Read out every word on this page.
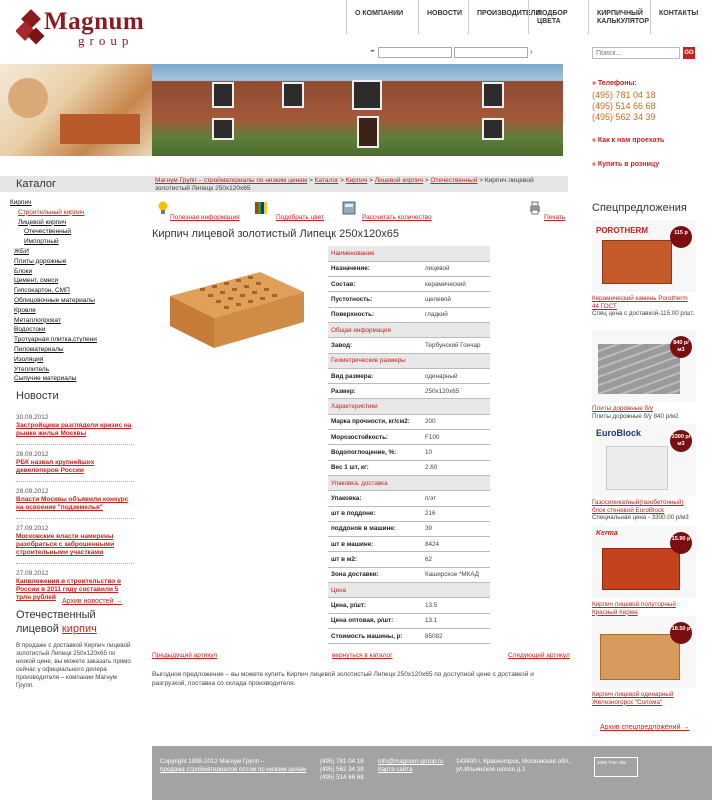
Magnum
group
О КОМПАНИИ	НОВОСТИ	ПРОИЗВОДИТЕЛИ
ПОДБОР ЦВЕТА
КИРПИЧНЫЙ КАЛЬКУЛЯТОР
КОНТАКТЫ
◂▸	›
Поиск...	GO
» Телефоны:
(495) 781 04 18
(495) 514 66 68
(495) 562 34 39
» Как к нам проехать
» Купить в розницу
Каталог
▸ Кирпич
▸ Строительный кирпич
▸ Лицевой кирпич
▸ Отечественный
▸ Импортный
▸ ЖБИ
▸ Плиты дорожные
▸ Блоки
▸ Цемент, смеси
▸ Гипсокартон, СМП
▸ Облицовочные материалы
▸ Кровля
▸ Металлопрокат
▸ Водостоки
▸ Тротуарная плитка,ступени
▸ Пиломатериалы
▸ Изоляция
▸ Утеплитель
▸ Сыпучие материалы
Новости
30.09.2012
Застройщики разглядели кризис на рынке жилья Москвы
28.09.2012
РБК назвал крупнейших девелоперов России
28.09.2012
Власти Москвы объявили конкурс на освоение "подземелья"
27.09.2012
Московские власти намерены разобраться с заброшенными строительными участками
27.09.2012
Капвложения в строительство в России в 2011 году составили 5 трлн рублей
Архив новостей →
Отечественный лицевой кирпич
В продаже с доставкой Кирпич лицевой золотистый Липецк 250х120х65 по низкой цене, вы можете заказать прямо сейчас у официального дилера производителя – компании Магнум Групп.
Магнум Групп – стройматериалы по низким ценам > Каталог > Кирпич > Лицевой кирпич > Отечественный > Кирпич лицевой золотистый Липецк 250х120х65
Полезная информация	Подобрать цвет	Рассчитать количество	Печать
Кирпич лицевой золотистый Липецк 250х120х65
Наименование	
Назначение:	лицевой
Состав:	керамический
Пустотность:	щелевой
Поверхность:	гладкий
Общая информация	
Завод:	Тербунский Гончар
Геометрические размеры	
Вид размера:	одинарный
Размер:	250х120х65
Характеристики	
Марка прочности, кг/см2:	200
Морозостойкость:	F100
Водопоглощение, %:	10
Вес 1 шт, кг:	2.60
Упаковка, доставка	
Упаковка:	п/эт
шт в поддоне:	216
поддонов в машине:	39
шт в машине:	8424
шт в м2:	62
Зона доставки:	Каширское *МКАД
Цена	
Цена, р/шт:	13.5
Цена оптовая, р/шт:	13.1
Стоимость машины, р:	85082
Предыдущий артикул	вернуться в каталог	Следующий артикул
Выгодное предложение – вы можете купить Кирпич лицевой золотистый Липецк 250х120х65 по доступной цене с доставкой и разгрузкой, поставка со склада производителя.
Спецпредложения
POROTHERM	115 р
Керамический камень Porotherm 44 ГОСТ
Спец цена с доставкой-115.00 р/шт.
840 р/м3
Плиты дорожные б/у
Плиты дорожные б/у 840 р/м2
EuroBlock	3300 р/м3
Газосиликатный(газобетонный) блок стеновой EuroBlock
Специальная цена - 3300.00 р/м3
Kerma
15.90 р
Кирпич лицевой полуторный Красный Керма
18.50 р
Кирпич лицевой одинарный Железногорск "Солома"
Архив спецпредложений →
Copyright 1998-2012 Магнум Групп –
продажа стройматериалов оптом по низким ценам
(495) 781 04 18
(495) 562 34 39
(495) 514 66 68
info@magnum-group.ru
Карта сайта
143400 г. Красногорск, Московская обл., ул.Ильинское шоссе д.1
2000 THE 406
